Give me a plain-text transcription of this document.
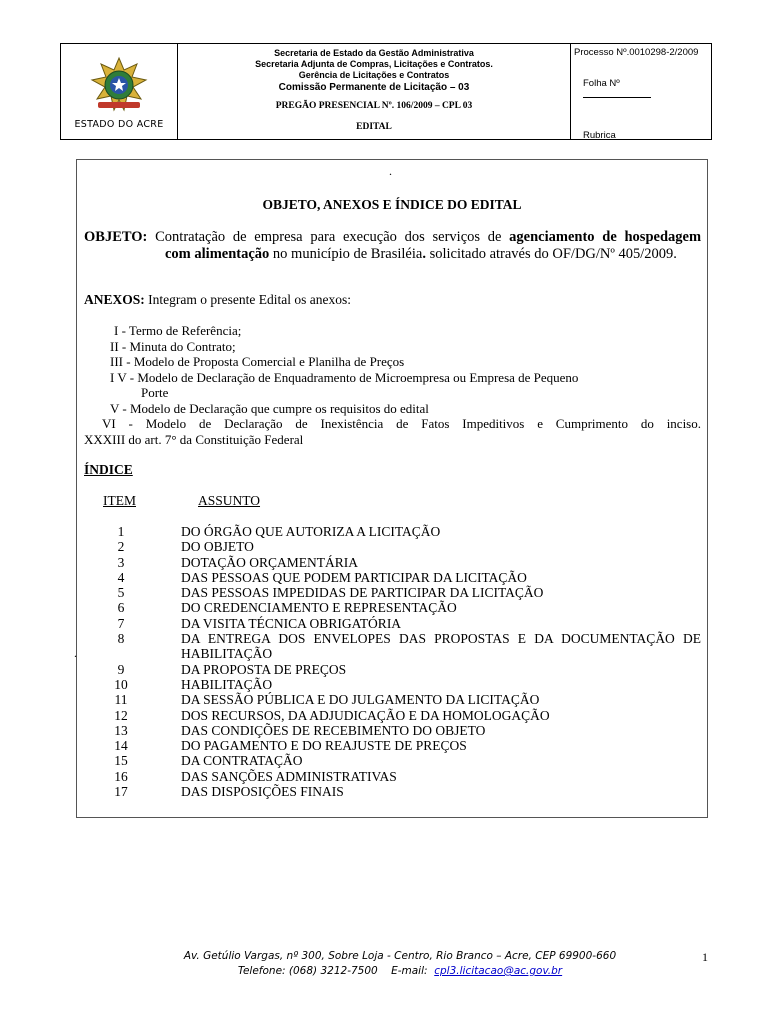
ESTADO DO ACRE
Secretaria de Estado da Gestão Administrativa
Secretaria Adjunta de Compras, Licitações e Contratos.
Gerência de Licitações e Contratos
Comissão Permanente de Licitação – 03
PREGÃO PRESENCIAL Nº. 106/2009 – CPL 03
EDITAL
Processo Nº.0010298-2/2009
Folha Nº
Rubrica
.
OBJETO, ANEXOS E ÍNDICE DO EDITAL
OBJETO: Contratação de empresa para execução dos serviços de agenciamento de hospedagem
com alimentação no município de Brasiléia. solicitado através do OF/DG/Nº 405/2009.
ANEXOS: Integram o presente Edital os anexos:
I - Termo de Referência;
II - Minuta do Contrato;
III - Modelo de Proposta Comercial e Planilha de Preços
I V - Modelo de Declaração de Enquadramento de Microempresa ou Empresa de Pequeno
Porte
V - Modelo de Declaração que cumpre os requisitos do edital
VI - Modelo de Declaração de Inexistência de Fatos Impeditivos e Cumprimento do inciso.
XXXIII do art. 7° da Constituição Federal
ÍNDICE
ITEM	ASSUNTO
1	DO ÓRGÃO QUE AUTORIZA A LICITAÇÃO
2	DO OBJETO
3	DOTAÇÃO ORÇAMENTÁRIA
4	DAS PESSOAS QUE PODEM PARTICIPAR DA LICITAÇÃO
5	DAS PESSOAS IMPEDIDAS DE PARTICIPAR DA LICITAÇÃO
6	DO CREDENCIAMENTO E REPRESENTAÇÃO
7	DA VISITA TÉCNICA OBRIGATÓRIA
8	DA ENTREGA DOS ENVELOPES DAS PROPOSTAS E DA DOCUMENTAÇÃO DE
HABILITAÇÃO
9	DA PROPOSTA DE PREÇOS
10	HABILITAÇÃO
11	DA SESSÃO PÚBLICA E DO JULGAMENTO DA LICITAÇÃO
12	DOS RECURSOS, DA ADJUDICAÇÃO E DA HOMOLOGAÇÃO
13	DAS CONDIÇÕES DE RECEBIMENTO DO OBJETO
14	DO PAGAMENTO E DO REAJUSTE DE PREÇOS
15	DA CONTRATAÇÃO
16	DAS SANÇÕES ADMINISTRATIVAS
17	DAS DISPOSIÇÕES FINAIS
.
Av. Getúlio Vargas, nº 300, Sobre Loja - Centro, Rio Branco – Acre, CEP 69900-660
Telefone: (068) 3212-7500 E-mail: cpl3.licitacao@ac.gov.br
1
